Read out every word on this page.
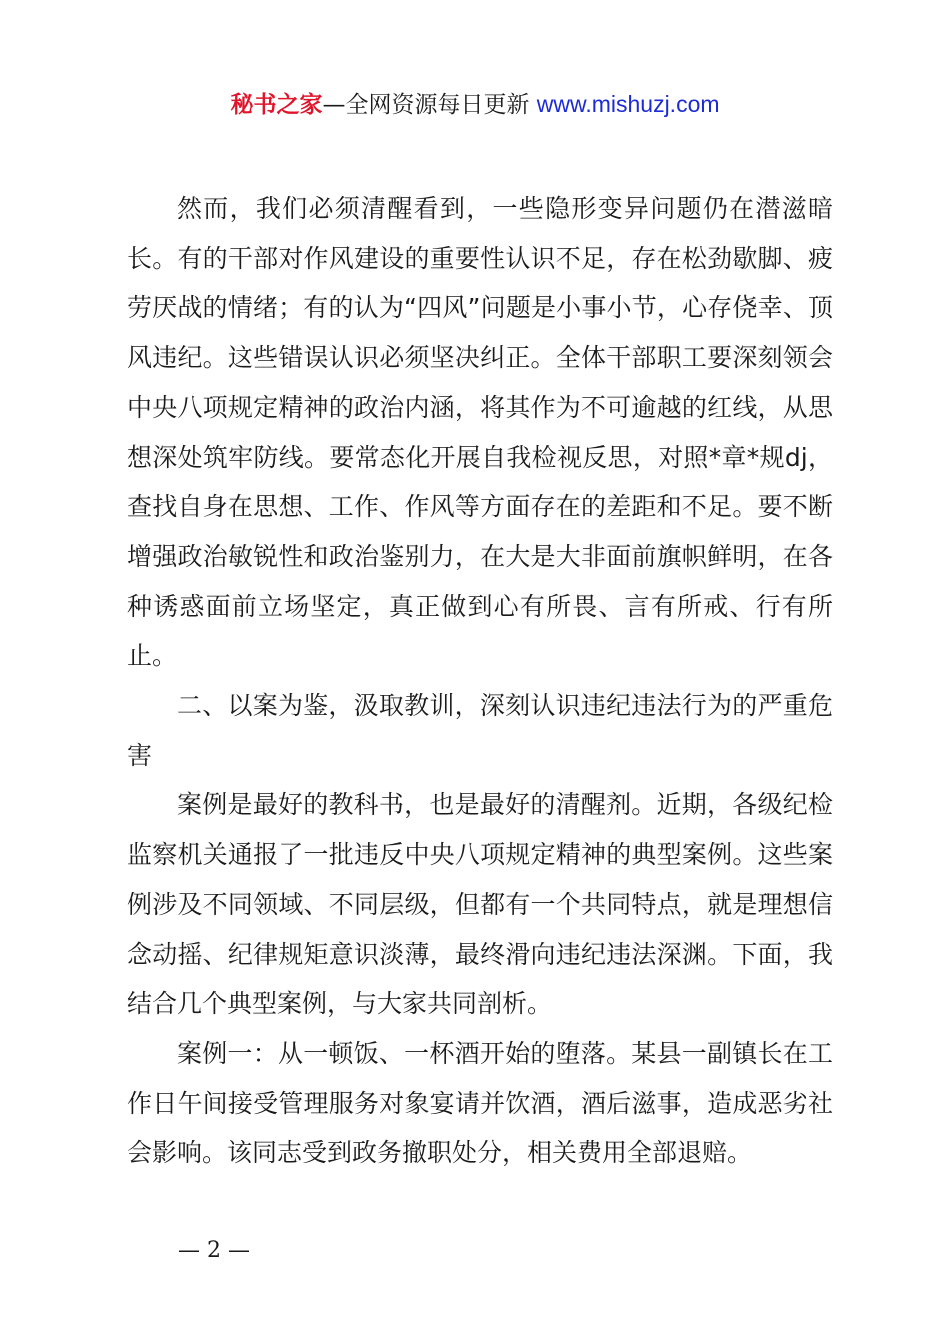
秘书之家—全网资源每日更新 www.mishuzj.com

然而，我们必须清醒看到，一些隐形变异问题仍在潜滋暗长。有的干部对作风建设的重要性认识不足，存在松劲歇脚、疲劳厌战的情绪；有的认为“四风”问题是小事小节，心存侥幸、顶风违纪。这些错误认识必须坚决纠正。全体干部职工要深刻领会中央八项规定精神的政治内涵，将其作为不可逾越的红线，从思想深处筑牢防线。要常态化开展自我检视反思，对照*章*规dj，查找自身在思想、工作、作风等方面存在的差距和不足。要不断增强政治敏锐性和政治鉴别力，在大是大非面前旗帜鲜明，在各种诱惑面前立场坚定，真正做到心有所畏、言有所戒、行有所止。

二、以案为鉴，汲取教训，深刻认识违纪违法行为的严重危害

案例是最好的教科书，也是最好的清醒剂。近期，各级纪检监察机关通报了一批违反中央八项规定精神的典型案例。这些案例涉及不同领域、不同层级，但都有一个共同特点，就是理想信念动摇、纪律规矩意识淡薄，最终滑向违纪违法深渊。下面，我结合几个典型案例，与大家共同剖析。

案例一：从一顿饭、一杯酒开始的堕落。某县一副镇长在工作日午间接受管理服务对象宴请并饮酒，酒后滋事，造成恶劣社会影响。该同志受到政务撤职处分，相关费用全部退赔。

— 2 —
